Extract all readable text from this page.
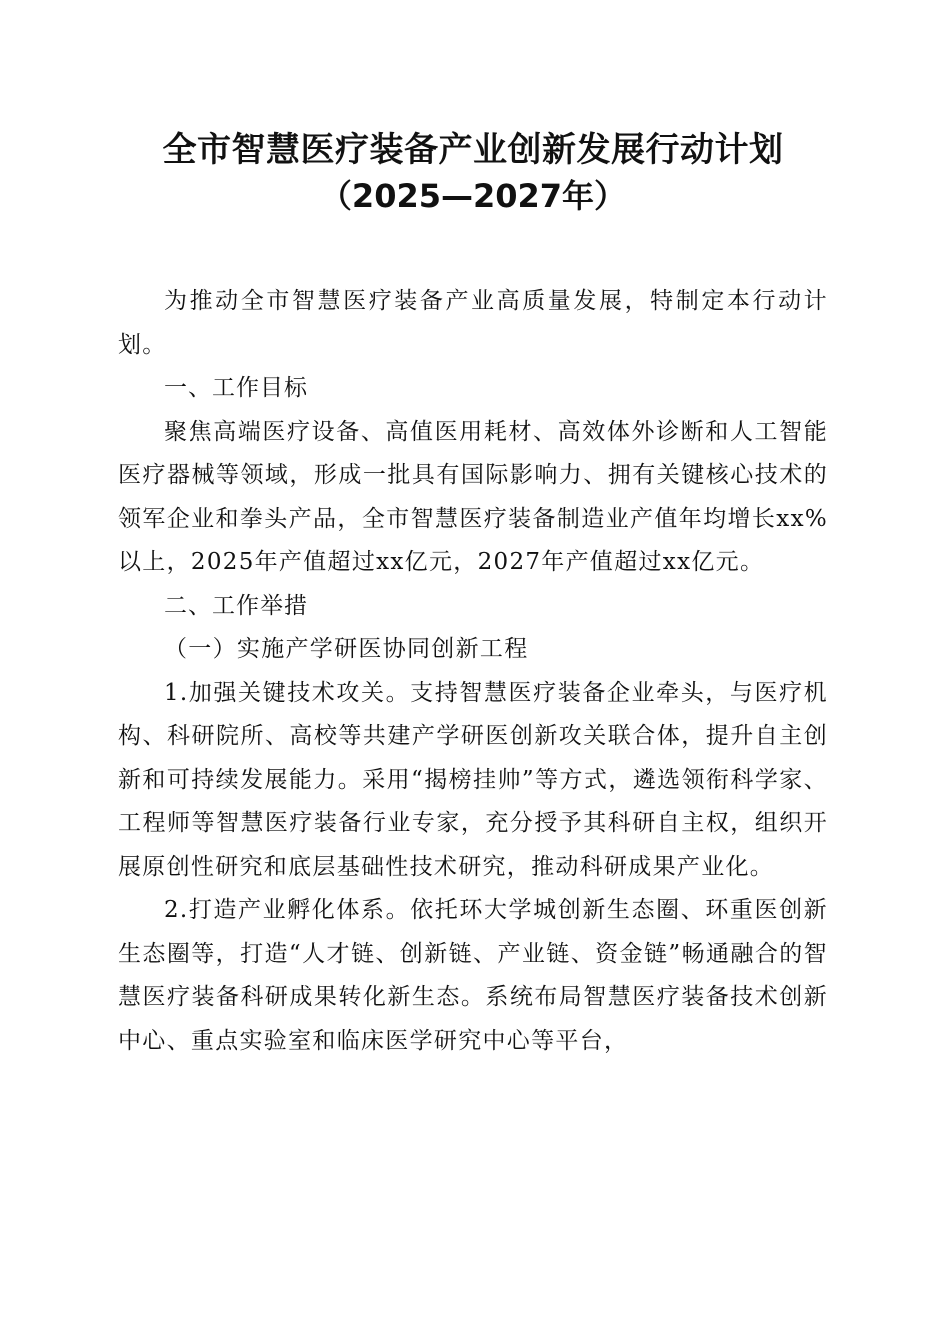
全市智慧医疗装备产业创新发展行动计划
（2025—2027年）

为推动全市智慧医疗装备产业高质量发展，特制定本行动计划。

一、工作目标

聚焦高端医疗设备、高值医用耗材、高效体外诊断和人工智能医疗器械等领域，形成一批具有国际影响力、拥有关键核心技术的领军企业和拳头产品，全市智慧医疗装备制造业产值年均增长xx%以上，2025年产值超过xx亿元，2027年产值超过xx亿元。

二、工作举措
（一）实施产学研医协同创新工程

1.加强关键技术攻关。支持智慧医疗装备企业牵头，与医疗机构、科研院所、高校等共建产学研医创新攻关联合体，提升自主创新和可持续发展能力。采用“揭榜挂帅”等方式，遴选领衔科学家、工程师等智慧医疗装备行业专家，充分授予其科研自主权，组织开展原创性研究和底层基础性技术研究，推动科研成果产业化。

2.打造产业孵化体系。依托环大学城创新生态圈、环重医创新生态圈等，打造“人才链、创新链、产业链、资金链”畅通融合的智慧医疗装备科研成果转化新生态。系统布局智慧医疗装备技术创新中心、重点实验室和临床医学研究中心等平台，
